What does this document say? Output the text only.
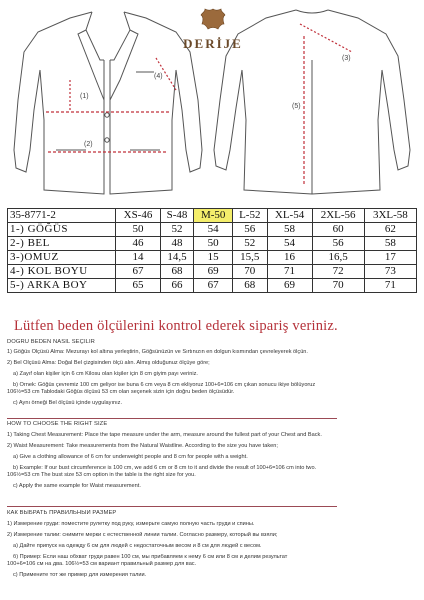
(1)
(4)
(2)
(3)
(5)
DERİJE
35-8771-2	XS-46	S-48	M-50	L-52	XL-54	2XL-56	3XL-58
1-) GÖĞÜS	50	52	54	56	58	60	62
2-) BEL	46	48	50	52	54	56	58
3-)OMUZ	14	14,5	15	15,5	16	16,5	17
4-) KOL BOYU	67	68	69	70	71	72	73
5-) ARKA BOY	65	66	67	68	69	70	71
Lütfen beden ölçülerini kontrol ederek sipariş veriniz.

DOĞRU BEDEN NASIL SEÇİLİR

1) Göğüs Ölçüsü Alma: Mezurayı kol altına yerleştirin, Göğsünüzün ve Sırtınızın en dolgun kısmından çevreleyerek ölçün.

2) Bel Ölçüsü Alma: Doğal Bel çizgisinden ölçü alın. Almış olduğunuz ölçüye göre;

a) Zayıf olan kişiler için 6 cm Kilosu olan kişiler için 8 cm giyim payı veriniz.

b) Örnek: Göğüs çevremiz 100 cm geliyor ise buna 6 cm veya 8 cm ekliyoruz 100+6=106 cm çıkan sonucu ikiye bölüyoruz

106½=53 cm Tablodaki Göğüs ölçüsü 53 cm olan seçenek sizin için doğru beden ölçüsüdür.

c) Aynı örneği Bel ölçüsü içinde uygulayınız.

HOW TO CHOOSE THE RIGHT SIZE

1) Taking Chest Measurement: Place the tape measure under the arm, measure around the fullest part of your Chest and Back.

2) Waist Measurement: Take measurements from the Natural Waistline. According to the size you have taken;

a) Give a clothing allowance of 6 cm for underweight people and 8 cm for people with a weight.

b) Example: If our bust circumference is 100 cm, we add 6 cm or 8 cm to it and divide the result of 100+6=106 cm into two.

106½=53 cm The bust size 53 cm option in the table is the right size for you.

c) Apply the same example for Waist measurement.

КАК ВЫБРАТЬ ПРАВИЛЬНЫЙ РАЗМЕР

1) Измерение груди: поместите рулетку под руку, измерьте самую полную часть груди и спины.

2) Измерение талии: снимите мерки с естественной линии талии. Согласно размеру, который вы взяли;

а) Дайте припуск на одежду 6 см для людей с недостаточным весом и 8 см для людей с весом.

б) Пример: Если наш обхват груди равен 100 см, мы прибавляем к нему 6 см или 8 см и делим результат

100+6=106 см на два. 106½=53 см вариант правильный размер для вас.

с) Примените тот же пример для измерения талии.
